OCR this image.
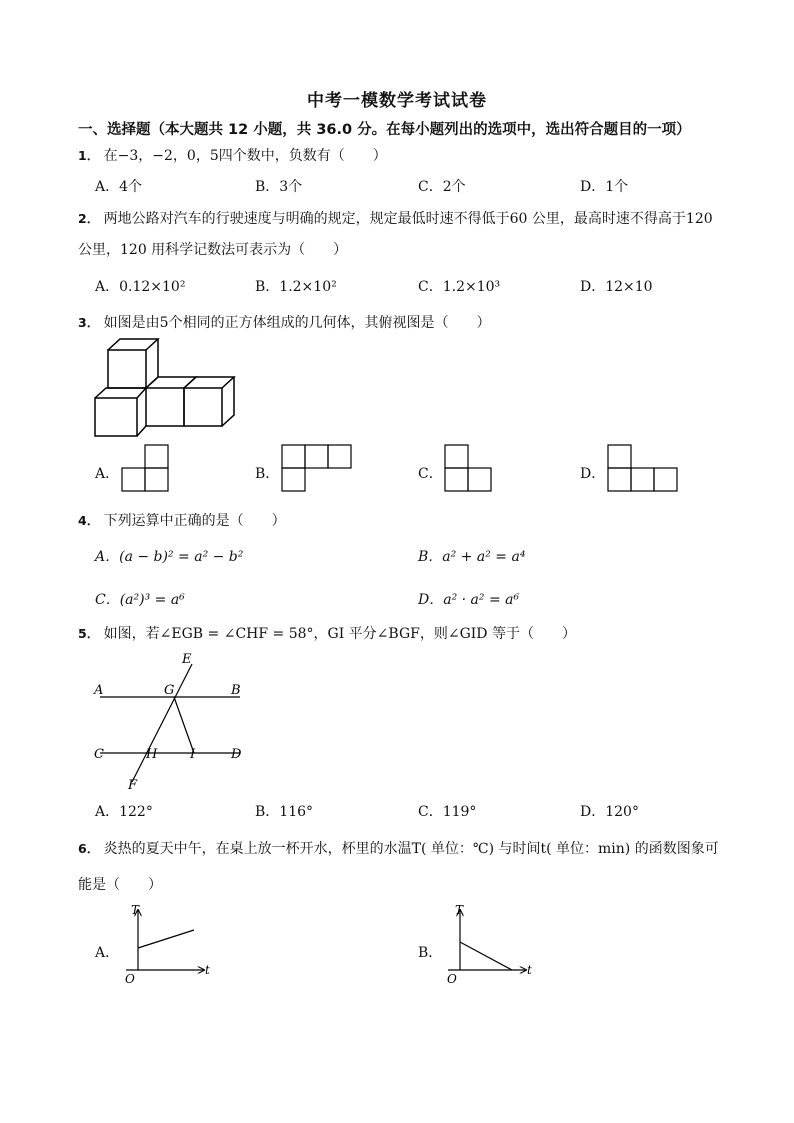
中考一模数学考试试卷
一、选择题（本大题共 12 小题，共 36.0 分。在每小题列出的选项中，选出符合题目的一项）
1． 在−3，−2，0，5四个数中，负数有（　　）
A．4个	B．3个	C．2个	D．1个
2． 两地公路对汽车的行驶速度与明确的规定，规定最低时速不得低于60 公里，最高时速不得高于120
公里，120 用科学记数法可表示为（　　）
A．0.12×10²	B．1.2×10²	C．1.2×10³	D．12×10
3． 如图是由5个相同的正方体组成的几何体，其俯视图是（　　）
A．	B．	C．	D．
4． 下列运算中正确的是（　　）
A．(a − b)² = a² − b²	B．a² + a² = a⁴
C．(a²)³ = a⁶	D．a² · a² = a⁶
5． 如图，若∠EGB = ∠CHF = 58°，GI 平分∠BGF，则∠GID 等于（　　）
E
A	G	B
C	H	I	D
F
A．122°	B．116°	C．119°	D．120°
6． 炎热的夏天中午，在桌上放一杯开水，杯里的水温T( 单位：℃) 与时间t( 单位：min) 的函数图象可
能是（　　）
A．
T
t
O
B．
T
t
O
